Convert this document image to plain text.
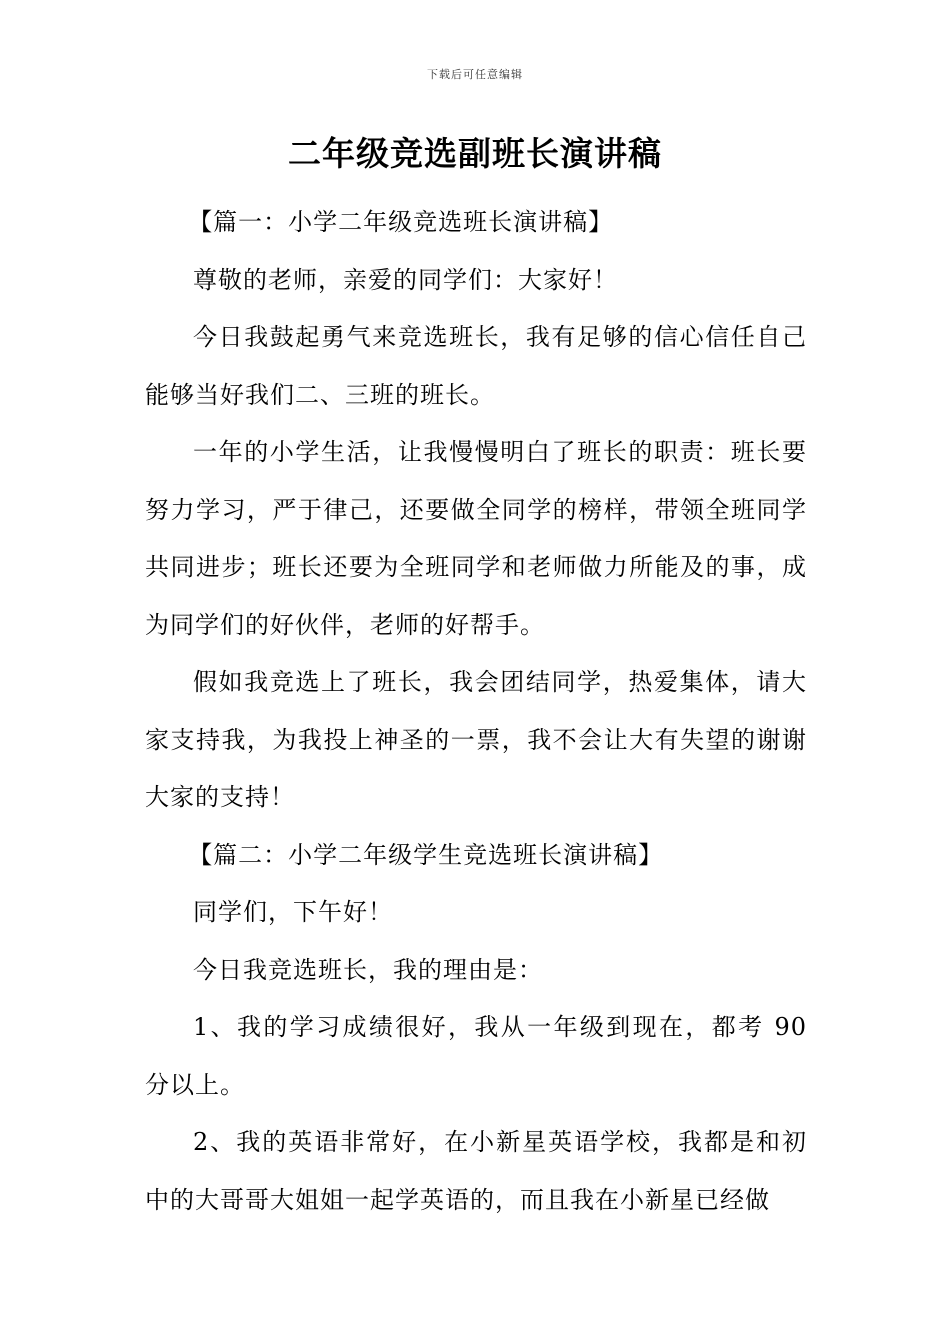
下载后可任意编辑
二年级竞选副班长演讲稿

【篇一：小学二年级竞选班长演讲稿】

尊敬的老师，亲爱的同学们：大家好！

今日我鼓起勇气来竞选班长，我有足够的信心信任自己能够当好我们二、三班的班长。

一年的小学生活，让我慢慢明白了班长的职责：班长要努力学习，严于律己，还要做全同学的榜样，带领全班同学共同进步；班长还要为全班同学和老师做力所能及的事，成为同学们的好伙伴，老师的好帮手。

假如我竞选上了班长，我会团结同学，热爱集体，请大家支持我，为我投上神圣的一票，我不会让大有失望的谢谢大家的支持！

【篇二：小学二年级学生竞选班长演讲稿】

同学们，下午好！

今日我竞选班长，我的理由是：

1、我的学习成绩很好，我从一年级到现在，都考 90 分以上。

2、我的英语非常好，在小新星英语学校，我都是和初中的大哥哥大姐姐一起学英语的，而且我在小新星已经做
